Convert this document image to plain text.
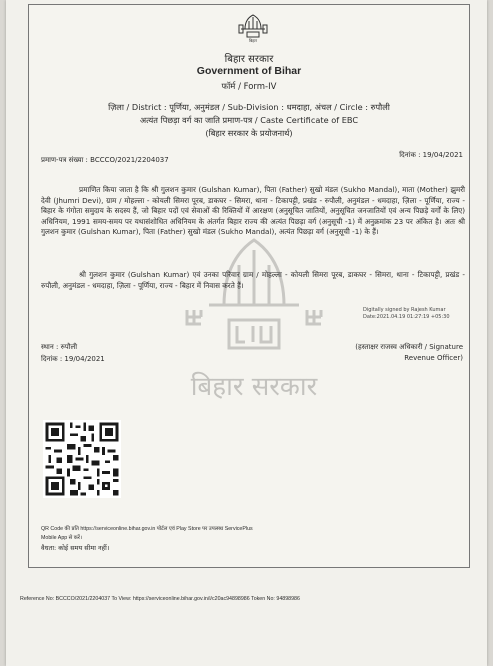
बिहार
बिहार सरकार
Government of Bihar
फॉर्म / Form-IV
ज़िला / District : पूर्णिया, अनुमंडल / Sub-Division : धमदाहा, अंचल / Circle : रुपौली
अत्यंत पिछड़ा वर्ग का जाति प्रमाण-पत्र / Caste Certificate of EBC
(बिहार सरकार के प्रयोजनार्थ)
प्रमाण-पत्र संख्या : BCCCO/2021/2204037
दिनांक : 19/04/2021
बिहार सरकार
प्रमाणित किया जाता है कि श्री गुलशन कुमार (Gulshan Kumar), पिता (Father) सुखो मंडल (Sukho Mandal), माता (Mother) झुमरी देवी (Jhumri Devi), ग्राम / मोहल्ला - कोयली सिमरा पूरब, डाकघर - सिमरा, थाना - टिकापट्टी, प्रखंड - रुपौली, अनुमंडल - धमदाहा, ज़िला - पूर्णिया, राज्य - बिहार के गंगोता समुदाय के सदस्य हैं, जो बिहार पदों एवं सेवाओं की रिक्तियों में आरक्षण (अनुसूचित जातियों, अनुसूचित जनजातियों एवं अन्य पिछड़े वर्गों के लिए) अधिनियम, 1991 समय-समय पर यथासंशोधित अधिनियम के अंतर्गत बिहार राज्य की अत्यंत पिछड़ा वर्ग (अनुसूची -1) में अनुक्रमांक 23 पर अंकित है। अतः श्री गुलशन कुमार (Gulshan Kumar), पिता (Father) सुखो मंडल (Sukho Mandal), अत्यंत पिछड़ा वर्ग (अनुसूची -1) के हैं।
श्री गुलशन कुमार (Gulshan Kumar) एवं उनका परिवार ग्राम / मोहल्ला - कोयली सिमरा पूरब, डाकघर - सिमरा, थाना - टिकापट्टी, प्रखंड - रुपौली, अनुमंडल - धमदाहा, ज़िला - पूर्णिया, राज्य - बिहार में निवास करते हैं।
Digitally signed by Rajesh Kumar
Date:2021.04.19 01:27:19 +05:30
(हस्ताक्षर राजस्व अधिकारी / Signature
Revenue Officer)
स्थान : रुपौली
दिनांक : 19/04/2021
QR Code की प्रति https://serviceonline.bihar.gov.in पोर्टल एवं Play Store पर उपलब्ध ServicePlus
Mobile App से करें।
वैधता: कोई समय सीमा नहीं।
Reference No: BCCCO/2021/2204037 To View: https://serviceonline.bihar.gov.in/i/c20ac94898986 Token No: 94898986
